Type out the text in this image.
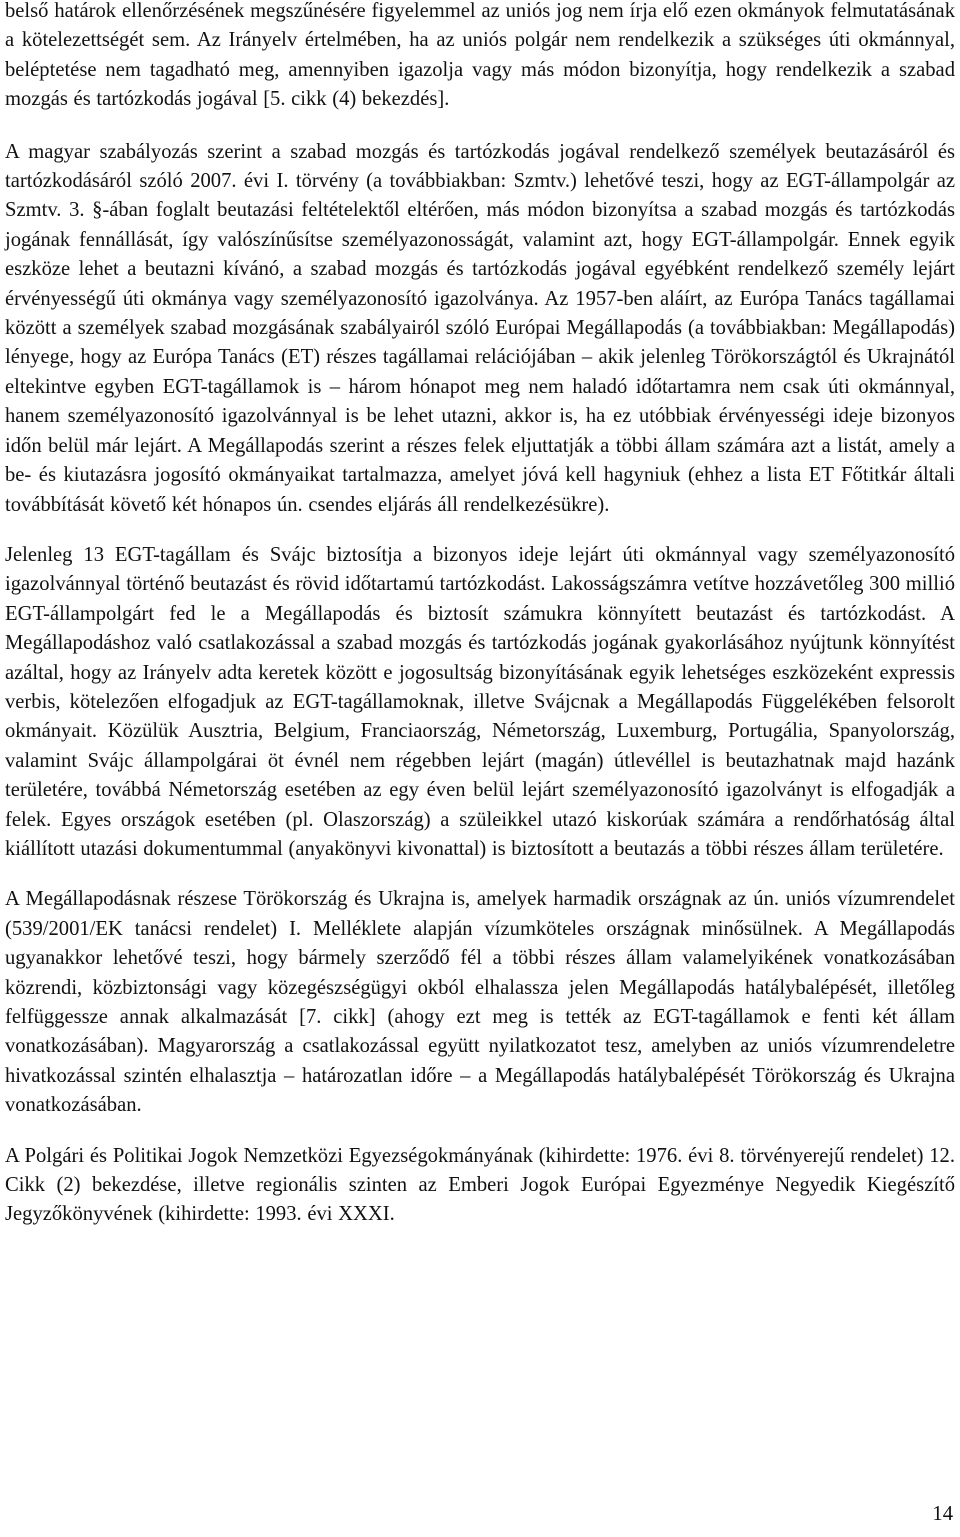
belső határok ellenőrzésének megszűnésére figyelemmel az uniós jog nem írja elő ezen okmányok felmutatásának a kötelezettségét sem. Az Irányelv értelmében, ha az uniós polgár nem rendelkezik a szükséges úti okmánnyal, beléptetése nem tagadható meg, amennyiben igazolja vagy más módon bizonyítja, hogy rendelkezik a szabad mozgás és tartózkodás jogával [5. cikk (4) bekezdés].

A magyar szabályozás szerint a szabad mozgás és tartózkodás jogával rendelkező személyek beutazásáról és tartózkodásáról szóló 2007. évi I. törvény (a továbbiakban: Szmtv.) lehetővé teszi, hogy az EGT-állampolgár az Szmtv. 3. §-ában foglalt beutazási feltételektől eltérően, más módon bizonyítsa a szabad mozgás és tartózkodás jogának fennállását, így valószínűsítse személyazonosságát, valamint azt, hogy EGT-állampolgár. Ennek egyik eszköze lehet a beutazni kívánó, a szabad mozgás és tartózkodás jogával egyébként rendelkező személy lejárt érvényességű úti okmánya vagy személyazonosító igazolványa. Az 1957-ben aláírt, az Európa Tanács tagállamai között a személyek szabad mozgásának szabályairól szóló Európai Megállapodás (a továbbiakban: Megállapodás) lényege, hogy az Európa Tanács (ET) részes tagállamai relációjában – akik jelenleg Törökországtól és Ukrajnától eltekintve egyben EGT-tagállamok is – három hónapot meg nem haladó időtartamra nem csak úti okmánnyal, hanem személyazonosító igazolvánnyal is be lehet utazni, akkor is, ha ez utóbbiak érvényességi ideje bizonyos időn belül már lejárt. A Megállapodás szerint a részes felek eljuttatják a többi állam számára azt a listát, amely a be- és kiutazásra jogosító okmányaikat tartalmazza, amelyet jóvá kell hagyniuk (ehhez a lista ET Főtitkár általi továbbítását követő két hónapos ún. csendes eljárás áll rendelkezésükre).

Jelenleg 13 EGT-tagállam és Svájc biztosítja a bizonyos ideje lejárt úti okmánnyal vagy személyazonosító igazolvánnyal történő beutazást és rövid időtartamú tartózkodást. Lakosságszámra vetítve hozzávetőleg 300 millió EGT-állampolgárt fed le a Megállapodás és biztosít számukra könnyített beutazást és tartózkodást. A Megállapodáshoz való csatlakozással a szabad mozgás és tartózkodás jogának gyakorlásához nyújtunk könnyítést azáltal, hogy az Irányelv adta keretek között e jogosultság bizonyításának egyik lehetséges eszközeként expressis verbis, kötelezően elfogadjuk az EGT-tagállamoknak, illetve Svájcnak a Megállapodás Függelékében felsorolt okmányait. Közülük Ausztria, Belgium, Franciaország, Németország, Luxemburg, Portugália, Spanyolország, valamint Svájc állampolgárai öt évnél nem régebben lejárt (magán) útlevéllel is beutazhatnak majd hazánk területére, továbbá Németország esetében az egy éven belül lejárt személyazonosító igazolványt is elfogadják a felek. Egyes országok esetében (pl. Olaszország) a szüleikkel utazó kiskorúak számára a rendőrhatóság által kiállított utazási dokumentummal (anyakönyvi kivonattal) is biztosított a beutazás a többi részes állam területére.

A Megállapodásnak részese Törökország és Ukrajna is, amelyek harmadik országnak az ún. uniós vízumrendelet (539/2001/EK tanácsi rendelet) I. Melléklete alapján vízumköteles országnak minősülnek. A Megállapodás ugyanakkor lehetővé teszi, hogy bármely szerződő fél a többi részes állam valamelyikének vonatkozásában közrendi, közbiztonsági vagy közegészségügyi okból elhalassza jelen Megállapodás hatálybalépését, illetőleg felfüggessze annak alkalmazását [7. cikk] (ahogy ezt meg is tették az EGT-tagállamok e fenti két állam vonatkozásában). Magyarország a csatlakozással együtt nyilatkozatot tesz, amelyben az uniós vízumrendeletre hivatkozással szintén elhalasztja – határozatlan időre – a Megállapodás hatálybalépését Törökország és Ukrajna vonatkozásában.

A Polgári és Politikai Jogok Nemzetközi Egyezségokmányának (kihirdette: 1976. évi 8. törvényerejű rendelet) 12. Cikk (2) bekezdése, illetve regionális szinten az Emberi Jogok Európai Egyezménye Negyedik Kiegészítő Jegyzőkönyvének (kihirdette: 1993. évi XXXI.

14
